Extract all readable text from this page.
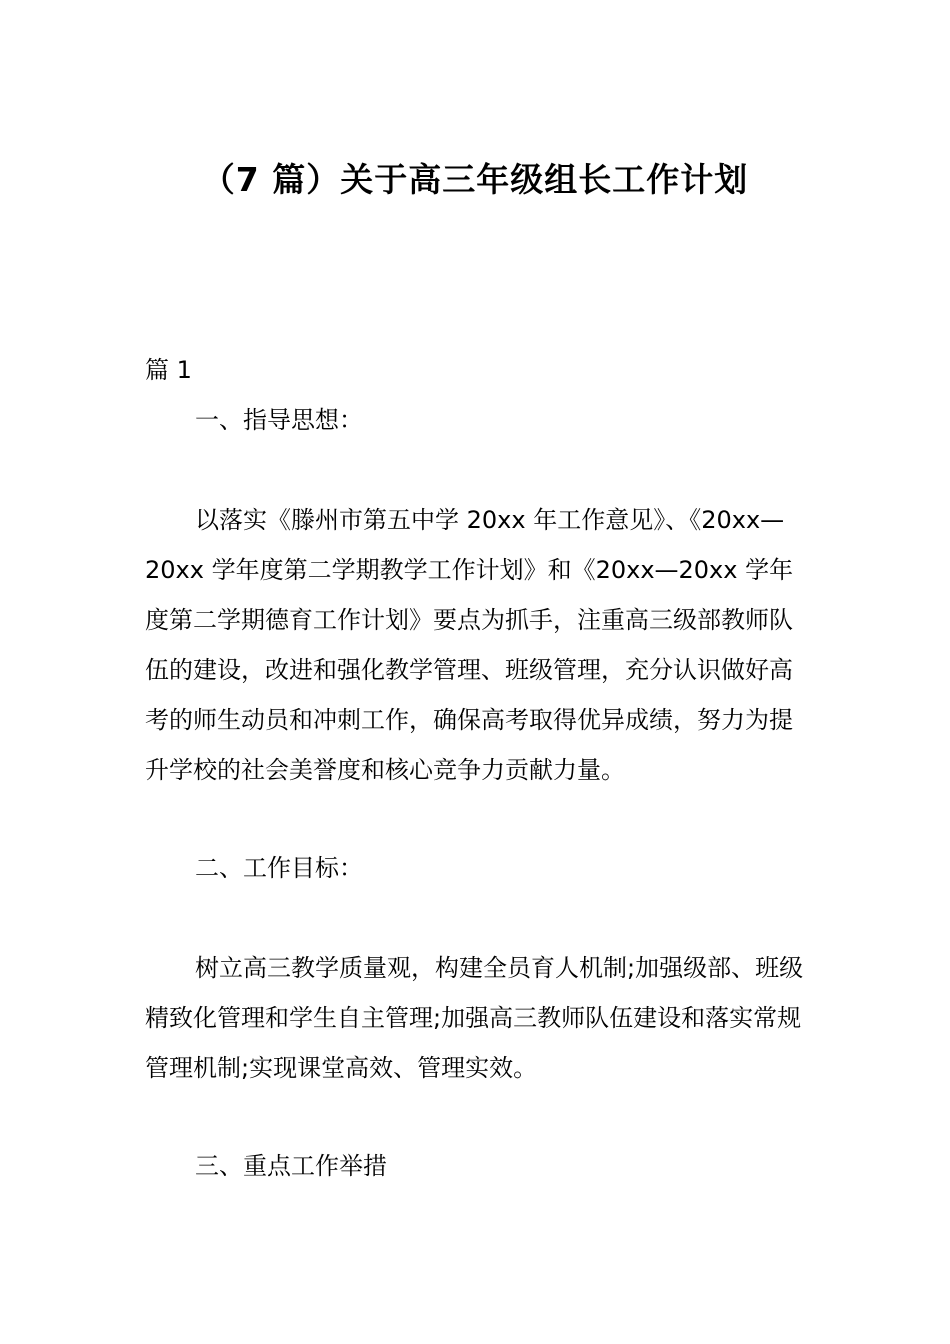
（7 篇）关于高三年级组长工作计划

篇 1

一、指导思想：

以落实《滕州市第五中学 20xx 年工作意见》、《20xx—20xx 学年度第二学期教学工作计划》和《20xx—20xx 学年度第二学期德育工作计划》要点为抓手，注重高三级部教师队伍的建设，改进和强化教学管理、班级管理，充分认识做好高考的师生动员和冲刺工作，确保高考取得优异成绩，努力为提升学校的社会美誉度和核心竞争力贡献力量。

二、工作目标：

树立高三教学质量观，构建全员育人机制;加强级部、班级精致化管理和学生自主管理;加强高三教师队伍建设和落实常规管理机制;实现课堂高效、管理实效。

三、重点工作举措
